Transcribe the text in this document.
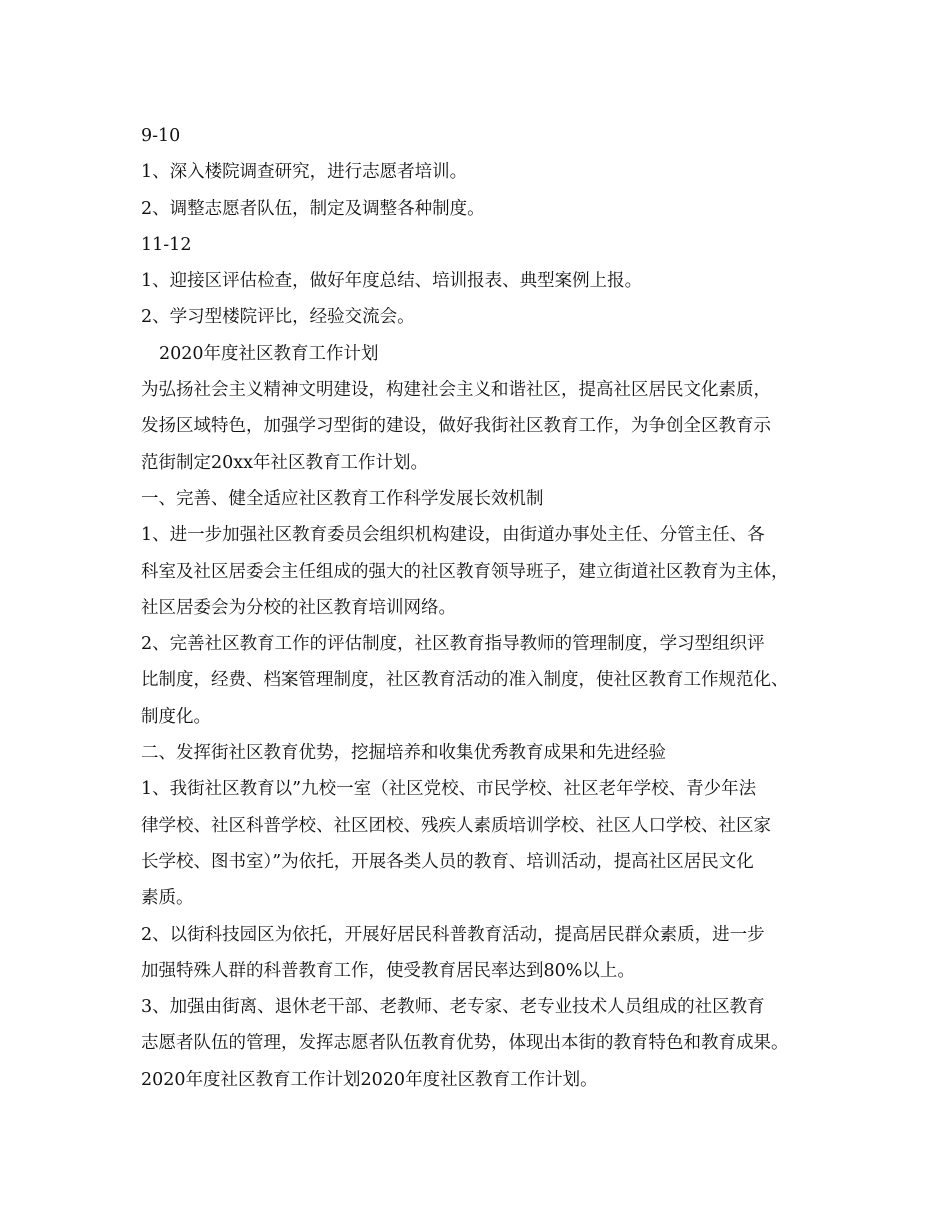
9-10
1、深入楼院调查研究，进行志愿者培训。
2、调整志愿者队伍，制定及调整各种制度。
11-12
1、迎接区评估检查，做好年度总结、培训报表、典型案例上报。
2、学习型楼院评比，经验交流会。
2020年度社区教育工作计划
为弘扬社会主义精神文明建设，构建社会主义和谐社区，提高社区居民文化素质，
发扬区域特色，加强学习型街的建设，做好我街社区教育工作，为争创全区教育示
范街制定20xx年社区教育工作计划。
一、完善、健全适应社区教育工作科学发展长效机制
1、进一步加强社区教育委员会组织机构建设，由街道办事处主任、分管主任、各
科室及社区居委会主任组成的强大的社区教育领导班子，建立街道社区教育为主体，
社区居委会为分校的社区教育培训网络。
2、完善社区教育工作的评估制度，社区教育指导教师的管理制度，学习型组织评
比制度，经费、档案管理制度，社区教育活动的准入制度，使社区教育工作规范化、
制度化。
二、发挥街社区教育优势，挖掘培养和收集优秀教育成果和先进经验
1、我街社区教育以”九校一室（社区党校、市民学校、社区老年学校、青少年法
律学校、社区科普学校、社区团校、残疾人素质培训学校、社区人口学校、社区家
长学校、图书室）”为依托，开展各类人员的教育、培训活动，提高社区居民文化
素质。
2、以街科技园区为依托，开展好居民科普教育活动，提高居民群众素质，进一步
加强特殊人群的科普教育工作，使受教育居民率达到80%以上。
3、加强由街离、退休老干部、老教师、老专家、老专业技术人员组成的社区教育
志愿者队伍的管理，发挥志愿者队伍教育优势，体现出本街的教育特色和教育成果。
2020年度社区教育工作计划2020年度社区教育工作计划。
